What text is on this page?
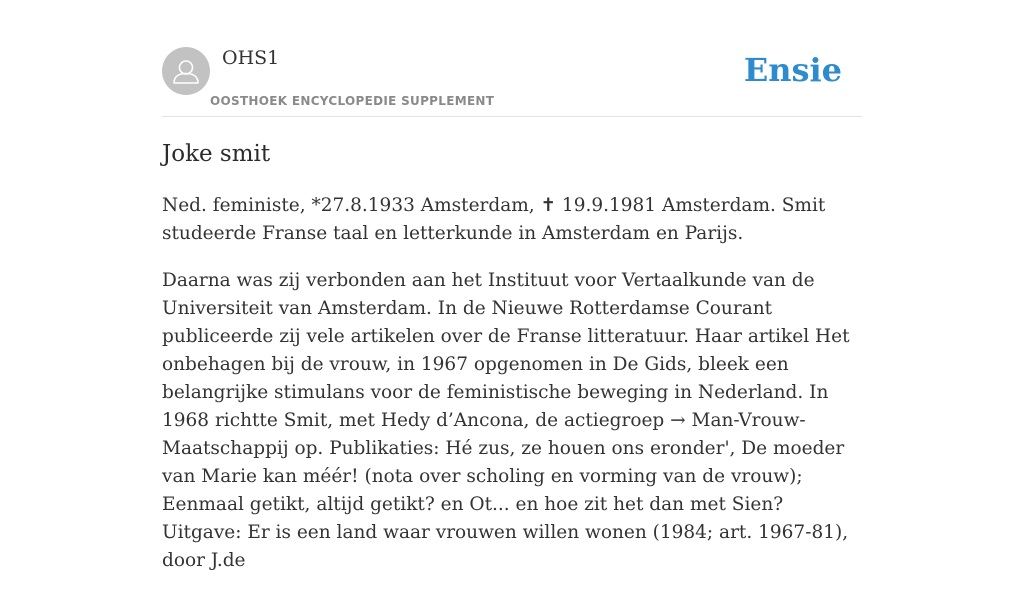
OHS1
OOSTHOEK ENCYCLOPEDIE SUPPLEMENT
Ensie
Joke smit

Ned. feministe, *27.8.1933 Amsterdam, ✝ 19.9.1981 Amsterdam. Smit studeerde Franse taal en letterkunde in Amsterdam en Parijs.

Daarna was zij verbonden aan het Instituut voor Vertaalkunde van de Universiteit van Amsterdam. In de Nieuwe Rotterdamse Courant publiceerde zij vele artikelen over de Franse litteratuur. Haar artikel Het onbehagen bij de vrouw, in 1967 opgenomen in De Gids, bleek een belangrijke stimulans voor de feministische beweging in Nederland. In 1968 richtte Smit, met Hedy d’Ancona, de actiegroep → Man-Vrouw-Maatschappij op. Publikaties: Hé zus, ze houen ons eronder', De moeder van Marie kan méér! (nota over scholing en vorming van de vrouw); Eenmaal getikt, altijd getikt? en Ot... en hoe zit het dan met Sien? Uitgave: Er is een land waar vrouwen willen wonen (1984; art. 1967-81), door J.de
